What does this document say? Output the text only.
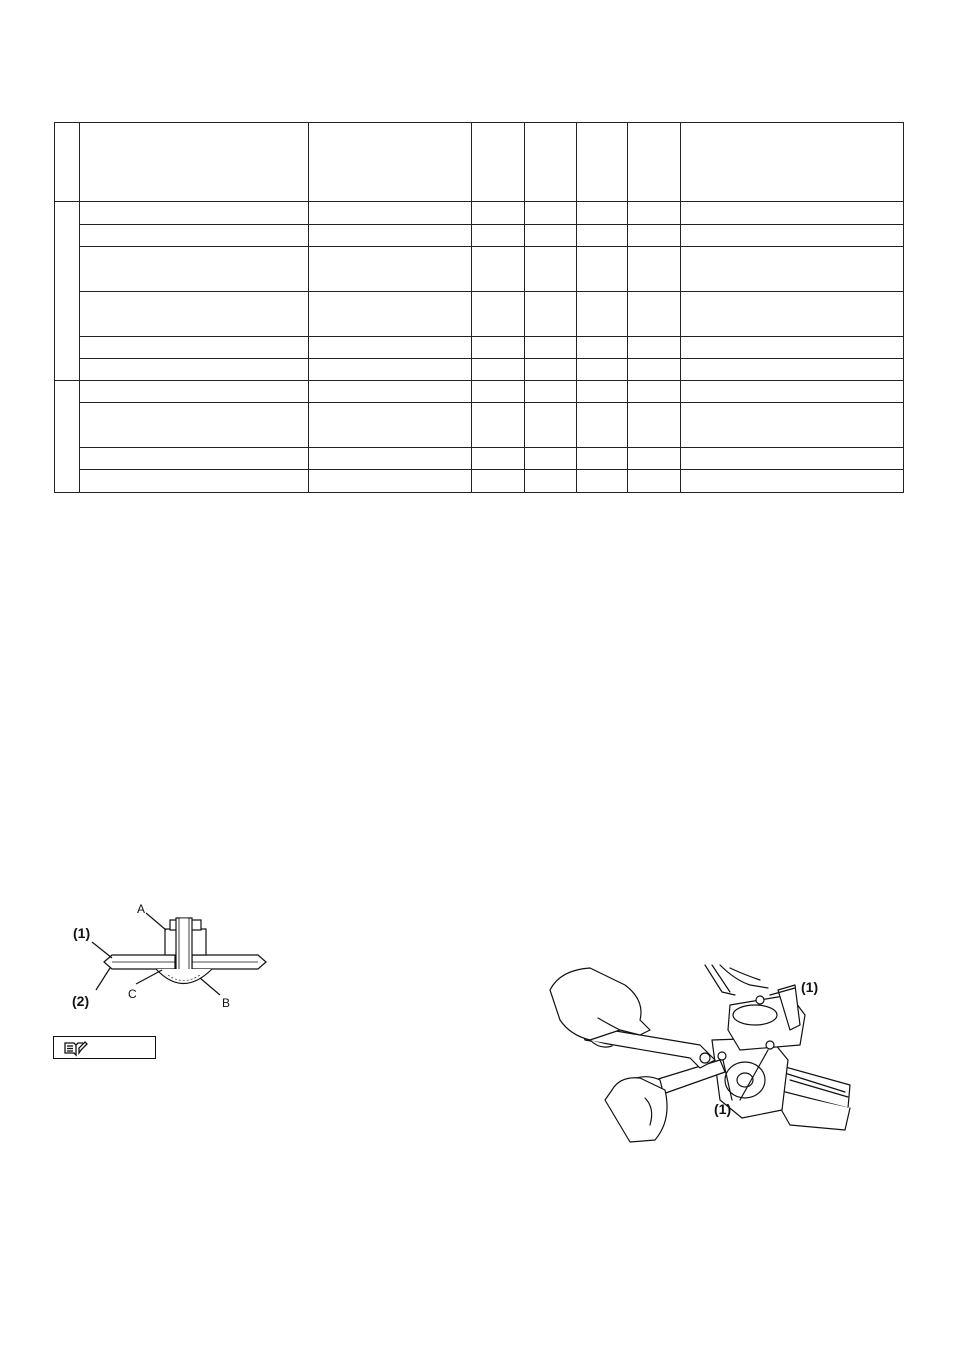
A
B
C
(1)
(2)
(1)
(1)
